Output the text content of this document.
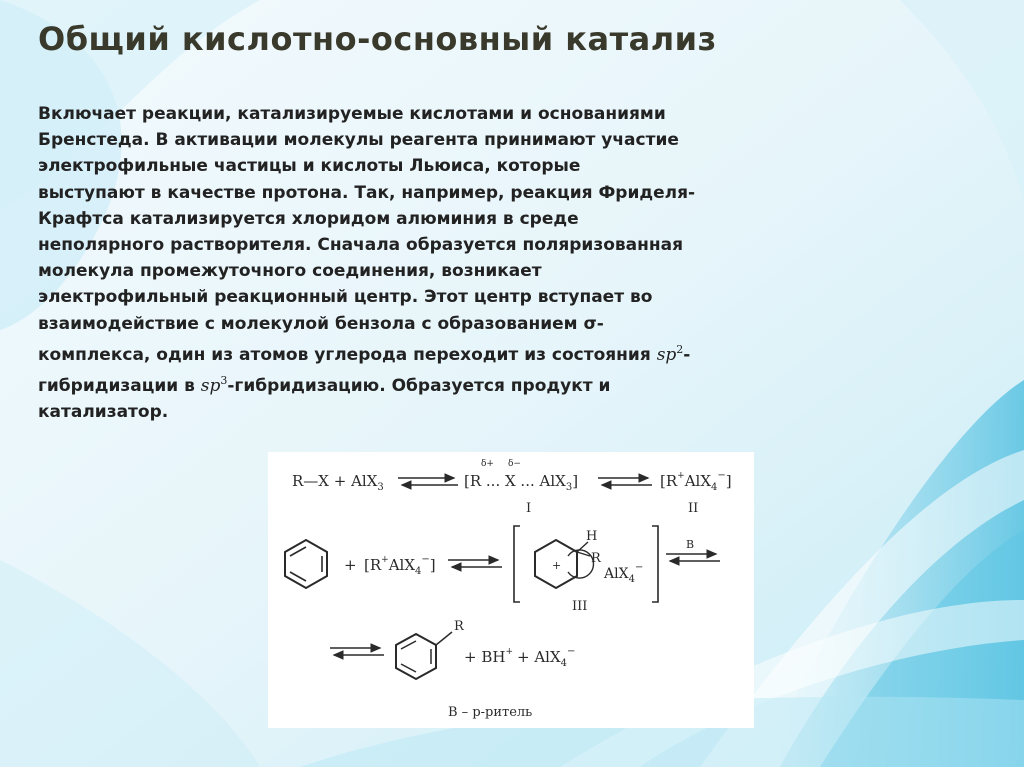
Общий кислотно-основный катализ
Включает реакции, катализируемые кислотами и основаниями
Бренстеда. В активации молекулы реагента принимают участие
электрофильные частицы и кислоты Льюиса, которые
выступают в качестве протона. Так, например, реакция Фриделя-
Крафтса катализируется хлоридом алюминия в среде
неполярного растворителя. Сначала образуется поляризованная
молекула промежуточного соединения, возникает
электрофильный реакционный центр. Этот центр вступает во
взаимодействие с молекулой бензола с образованием σ-
комплекса, один из атомов углерода переходит из состояния $sp^2-$
гибридизации в $sp^3$-гибридизацию. Образуется продукт и
катализатор.
R—X + AlX$_3$
δ+ δ−
[R ... X ... AlX$_3$]
I
[R+AlX$_4$−]
II
+ [R+AlX$_4$−]	+
H
R
AlX$_4$−
B
III
R
+ BH+ + AlX$_4$−
B – р-ритель
